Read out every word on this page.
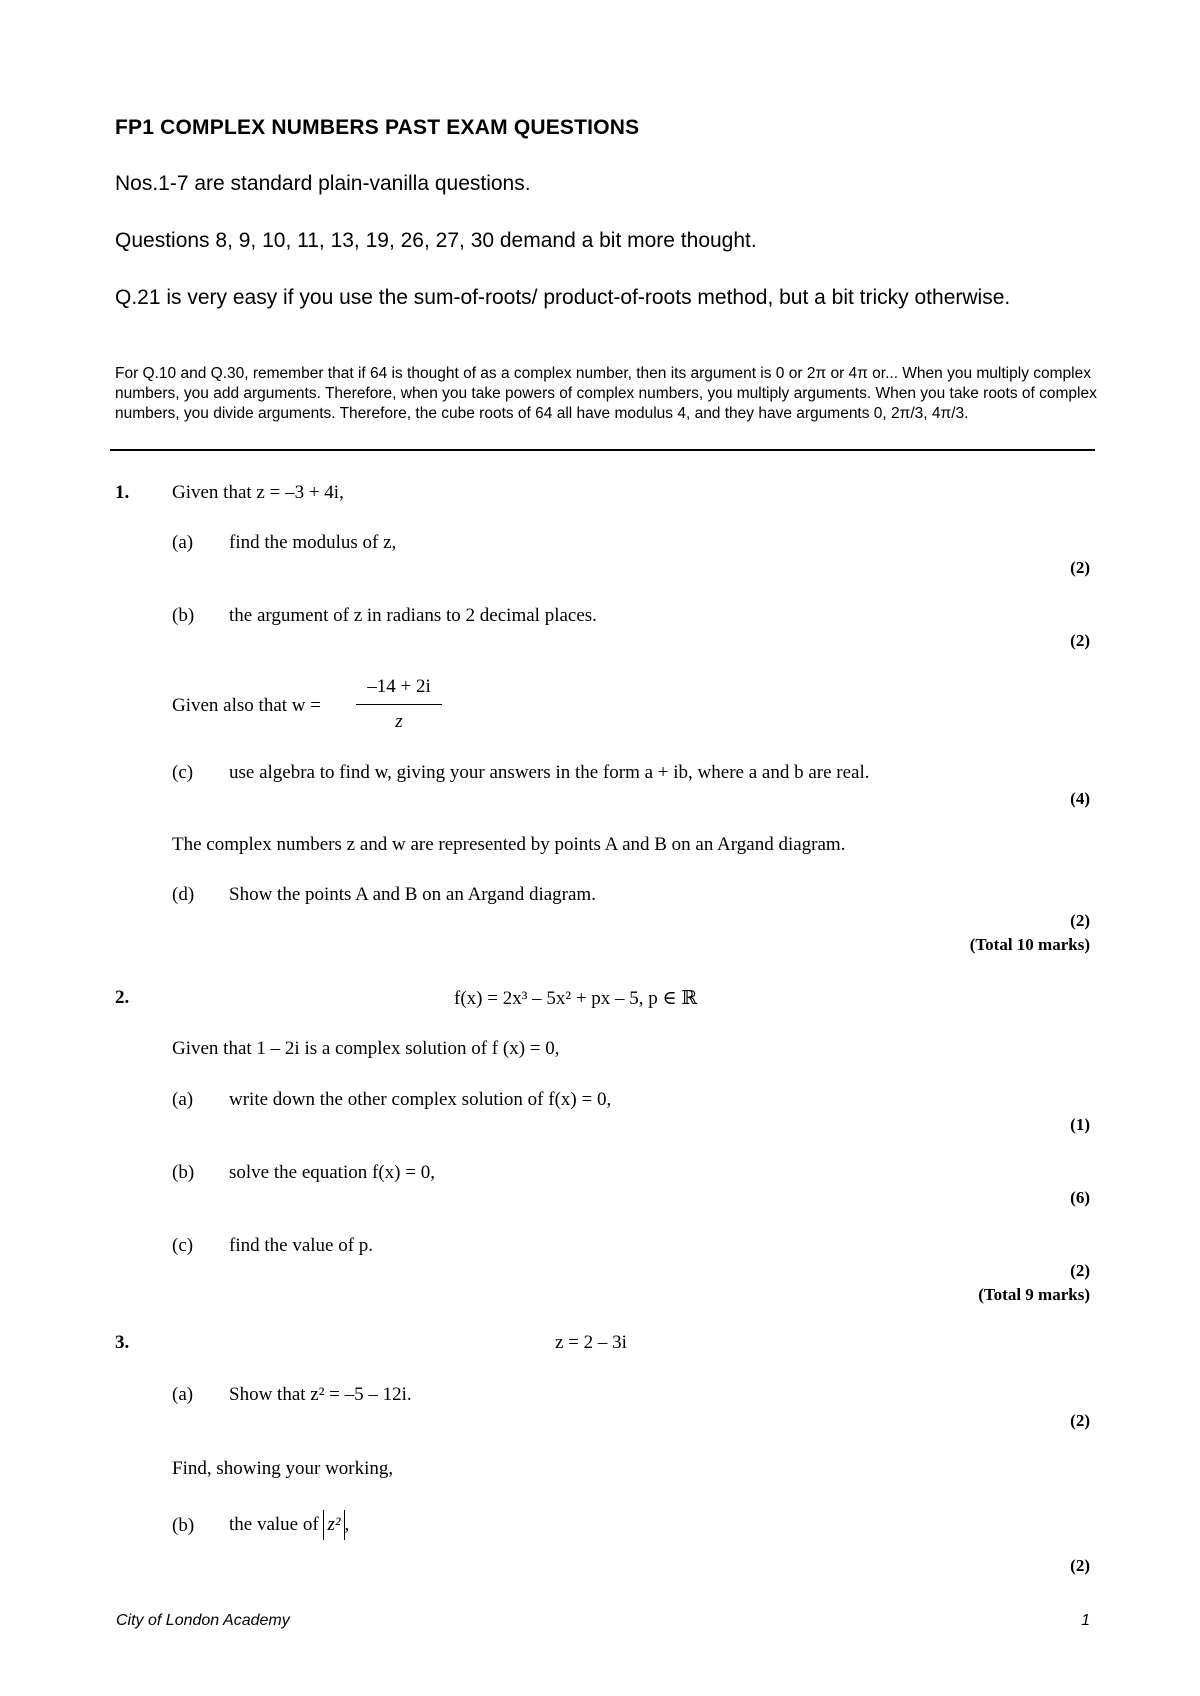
FP1 COMPLEX NUMBERS PAST EXAM QUESTIONS
Nos.1-7 are standard plain-vanilla questions.
Questions 8, 9, 10, 11, 13, 19, 26, 27, 30 demand a bit more thought.
Q.21 is very easy if you use the sum-of-roots/ product-of-roots method, but a bit tricky otherwise.
For Q.10 and Q.30, remember that if 64 is thought of as a complex number, then its argument is 0 or 2π or 4π or... When you multiply complex numbers, you add arguments. Therefore, when you take powers of complex numbers, you multiply arguments. When you take roots of complex numbers, you divide arguments. Therefore, the cube roots of 64 all have modulus 4, and they have arguments 0, 2π/3, 4π/3.
1. Given that z = –3 + 4i,
(a) find the modulus of z,
(2)
(b) the argument of z in radians to 2 decimal places.
(2)
Given also that w =
–14 + 2i
z
(c) use algebra to find w, giving your answers in the form a + ib, where a and b are real.
(4)
The complex numbers z and w are represented by points A and B on an Argand diagram.
(d) Show the points A and B on an Argand diagram.
(2)
(Total 10 marks)
2.	f(x) = 2x³ – 5x² + px – 5, p ∈ ℝ
Given that 1 – 2i is a complex solution of f (x) = 0,
(a) write down the other complex solution of f(x) = 0,
(1)
(b) solve the equation f(x) = 0,
(6)
(c) find the value of p.
(2)
(Total 9 marks)
3.	z = 2 – 3i
(a) Show that z² = –5 – 12i.
(2)
Find, showing your working,
(b) the value of z² ,
(2)
City of London Academy	1
